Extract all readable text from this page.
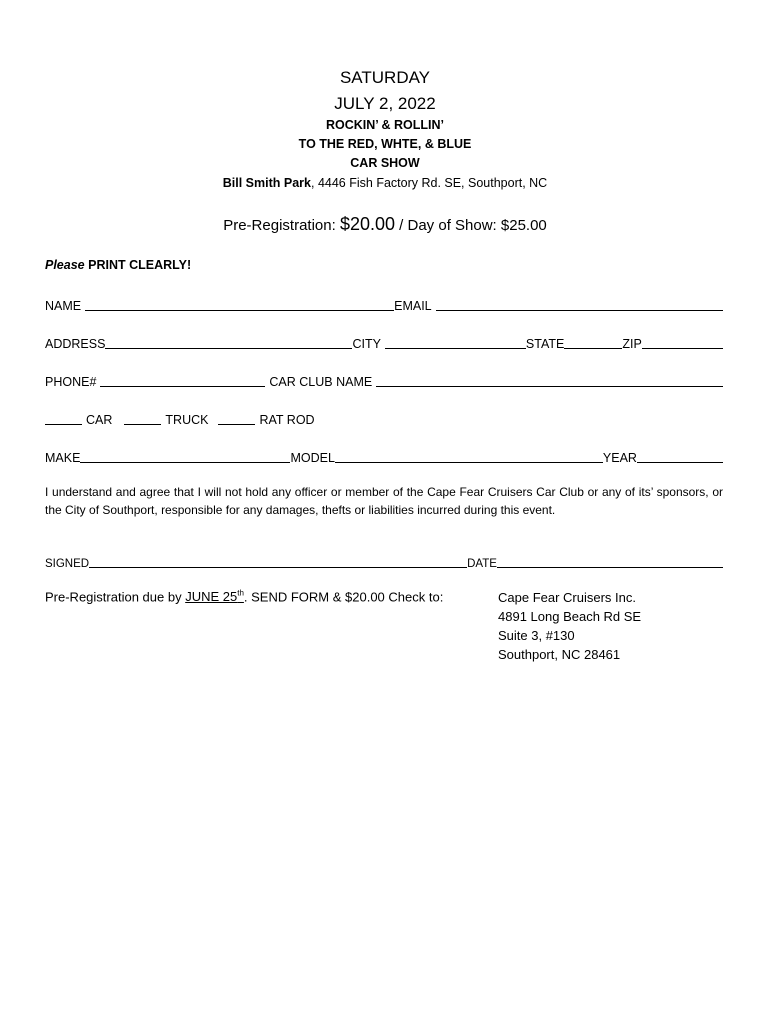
SATURDAY
JULY 2, 2022
ROCKIN’ & ROLLIN’
TO THE RED, WHTE, & BLUE
CAR SHOW
Bill Smith Park, 4446 Fish Factory Rd. SE, Southport, NC
Pre-Registration: $20.00 / Day of Show: $25.00
Please PRINT CLEARLY!
NAME	EMAIL
ADDRESS	CITY	STATE	ZIP
PHONE#	CAR CLUB NAME
CAR	TRUCK	RAT ROD
MAKE	MODEL	YEAR
I understand and agree that I will not hold any officer or member of the Cape Fear Cruisers Car Club or any of its’ sponsors, or the City of Southport, responsible for any damages, thefts or liabilities incurred during this event.
SIGNED	DATE
Pre-Registration due by JUNE 25th. SEND FORM & $20.00 Check to:	Cape Fear Cruisers Inc.
4891 Long Beach Rd SE
Suite 3, #130
Southport, NC 28461
